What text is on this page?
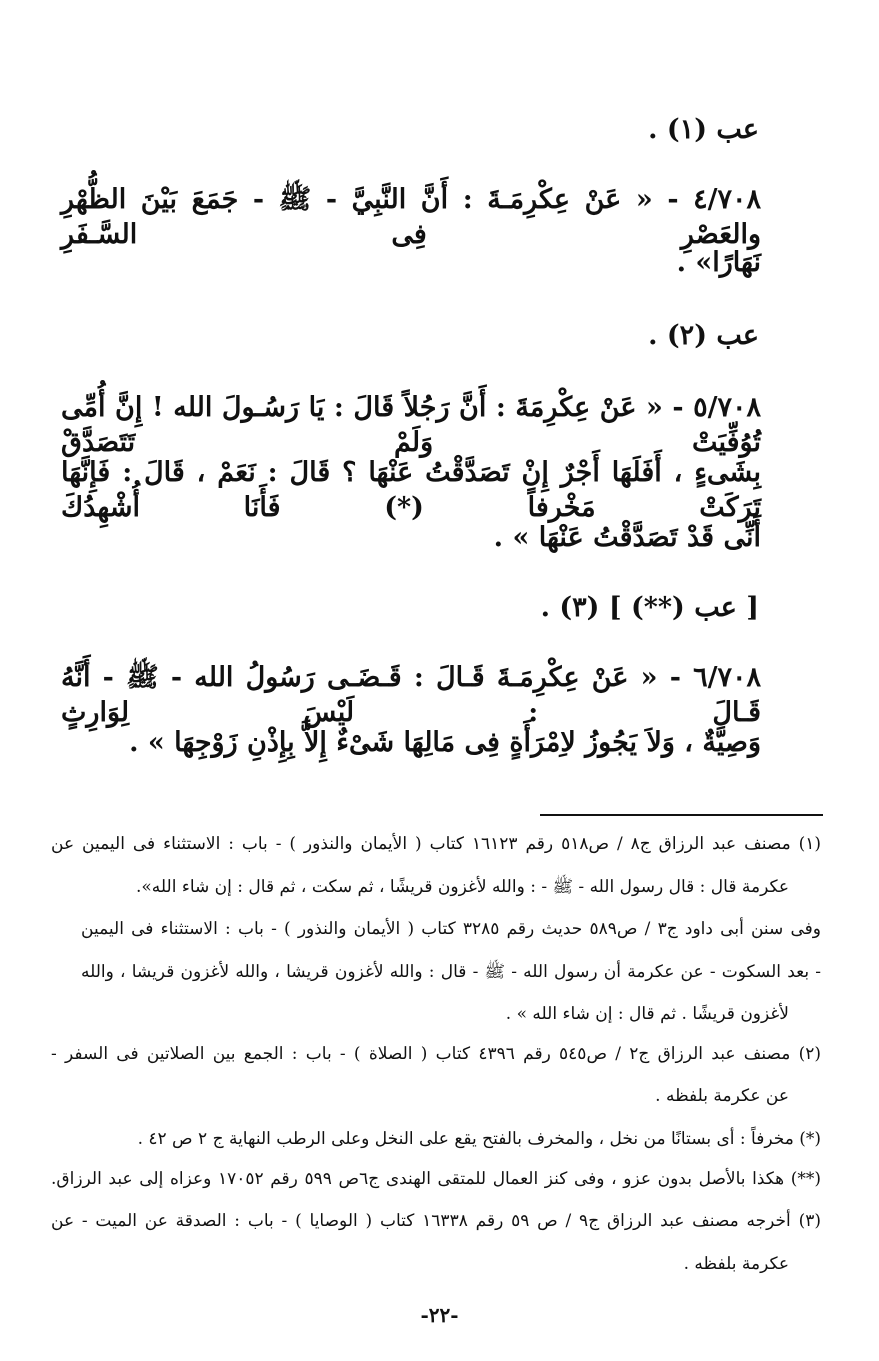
عب (١) .
٤/٧٠٨ - « عَنْ عِكْرِمَـةَ : أَنَّ النَّبِيَّ - ﷺ - جَمَعَ بَيْنَ الظُّهْرِ والعَصْرِ فِى السَّـفَرِ
نَهَارًا» .
عب (٢) .
٥/٧٠٨ - « عَنْ عِكْرِمَةَ : أَنَّ رَجُلاً قَالَ : يَا رَسُـولَ الله ! إِنَّ أُمِّى تُوُفِّيَتْ وَلَمْ تَتَصَدَّقْ
بِشَىءٍ ، أَفَلَهَا أَجْرٌ إِنْ تَصَدَّقْتُ عَنْهَا ؟ قَالَ : نَعَمْ ، قَالَ : فَإِنَّهَا تَرَكَتْ مَخْرفاً (*) فَأَنَا أُشْهِدُكَ
أَنِّى قَدْ تَصَدَّقْتُ عَنْهَا » .
[ عب (**) ] (٣) .
٦/٧٠٨ - « عَنْ عِكْرِمَـةَ قَـالَ : قَـضَـى رَسُولُ الله - ﷺ - أَنَّهُ قَـالَ : لَيْسَ لِوَارِثٍ
وَصِيَّةٌ ، وَلاَ يَجُوزُ لاِمْرَأَةٍ فِى مَالِهَا شَىْءٌ إِلاَّ بِإِذْنِ زَوْجِهَا » .
(١) مصنف عبد الرزاق ج٨ / ص٥١٨ رقم ١٦١٢٣ كتاب ( الأيمان والنذور ) - باب : الاستثناء فى اليمين عن
عكرمة قال : قال رسول الله - ﷺ - : والله لأغزون قريشًا ، ثم سكت ، ثم قال : إن شاء الله».
وفى سنن أبى داود ج٣ / ص٥٨٩ حديث رقم ٣٢٨٥ كتاب ( الأيمان والنذور ) - باب : الاستثناء فى اليمين
- بعد السكوت - عن عكرمة أن رسول الله - ﷺ - قال : والله لأغزون قريشا ، والله لأغزون قريشا ، والله
لأغزون قريشًا . ثم قال : إن شاء الله » .
(٢) مصنف عبد الرزاق ج٢ / ص٥٤٥ رقم ٤٣٩٦ كتاب ( الصلاة ) - باب : الجمع بين الصلاتين فى السفر -
عن عكرمة بلفظه .
(*) مخرفاً : أى بستانًا من نخل ، والمخرف بالفتح يقع على النخل وعلى الرطب النهاية ج ٢ ص ٤٢ .
(**) هكذا بالأصل بدون عزو ، وفى كنز العمال للمتقى الهندى ج٦ص ٥٩٩ رقم ١٧٠٥٢ وعزاه إلى عبد الرزاق.
(٣) أخرجه مصنف عبد الرزاق ج٩ / ص ٥٩ رقم ١٦٣٣٨ كتاب ( الوصايا ) - باب : الصدقة عن الميت - عن
عكرمة بلفظه .
-٢٢-
